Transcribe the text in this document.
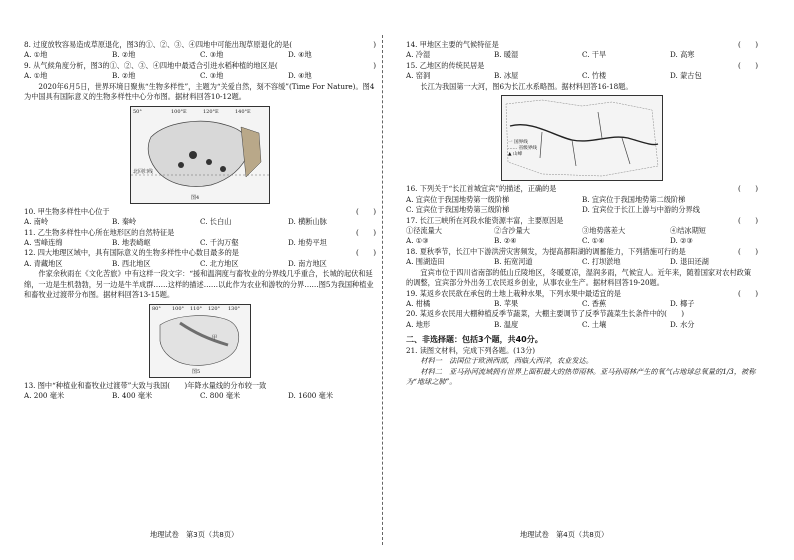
8. 过度放牧容易造成草原退化，图3的①、②、③、④四地中可能出现草原退化的是(	)
A. ①地	B. ②地	C. ③地	D. ④地
9. 从气候角度分析，图3的①、②、③、④四地中最适合引进水稻种植的地区是(	)
A. ①地	B. ②地	C. ③地	D. ④地
2020年6月5日，世界环境日聚焦“生物多样性”，主题为“关爱自然，刻不容缓”(Time For Nature)。图4为中国具有国际意义的生物多样性中心分布图。据材料回答10-12题。
50°	100°E	120°E	140°E
北回归线
图4
10. 甲生物多样性中心位于	(　　)
A. 南岭	B. 秦岭	C. 长白山	D. 横断山脉
11. 乙生物多样性中心所在地形区的自然特征是	(　　)
A. 雪峰连绵	B. 地表崎岖	C. 千沟万壑	D. 地势平坦
12. 四大地理区域中，具有国际意义的生物多样性中心数目最多的是	(　　)
A. 青藏地区	B. 西北地区	C. 北方地区	D. 南方地区
作家余秋雨在《文化苦旅》中有这样一段文字：“援和温润度与畜牧业的分界线几乎重合，长城的起伏和延绵，一边是生机勃勃，另一边是牛羊成群……这样的描述……以此作为农业和游牧的分界……图5为我国种植业和畜牧业过渡带分布图。据材料回答13-15题。
80° 100° 110° 120° 130°
甲
图5
13. 图中“种植业和畜牧业过渡带”大致与我国(　　)年降水量线的分布较一致
A. 200 毫米	B. 400 毫米	C. 800 毫米	D. 1600 毫米
地理试卷　第3页（共8页）
14. 甲地区主要的气候特征是	(　　)
A. 冷湿	B. 暖湿	C. 干旱	D. 高寒
15. 乙地区的传统民居是	(　　)
A. 窑洞	B. 冰屋	C. 竹楼	D. 蒙古包
长江为我国第一大河，图6为长江水系略图。据材料回答16-18题。
一 国界线
…… 省级界线
▲ 山峰
16. 下列关于“长江首城宜宾”的描述，正确的是	(　　)
A. 宜宾位于我国地势第一级阶梯	B. 宜宾位于我国地势第二级阶梯
C. 宜宾位于我国地势第三级阶梯	D. 宜宾位于长江上游与中游的分界线
17. 长江三峡所在河段水能资源丰富，主要原因是	(　　)
①径流量大	②含沙量大	③地势落差大	④结冰期短
A. ①③	B. ②④	C. ①④	D. ②③
18. 夏秋季节，长江中下游洪涝灾害频发，为提高都阳湖的调蓄能力，下列措施可行的是	(　　)
A. 围湖造田	B. 拓宽河道	C. 打坝淤地	D. 退田还湖
宜宾市位于四川省南部的低山丘陵地区，冬暖夏凉，湿润多雨，气候宜人。近年来，随着国家对农村政策的调整，宜宾部分外出务工农民返乡创业，从事农业生产。据材料回答19-20题。
19. 某返乡农民欲在承包的土地上栽种水果，下列水果中最适宜的是	(　　)
A. 柑橘	B. 苹果	C. 香蕉	D. 椰子
20. 某返乡农民用大棚种植反季节蔬菜，大棚主要调节了反季节蔬菜生长条件中的(　　)
A. 地形	B. 温度	C. 土壤	D. 水分
二、非选择题：包括3个题，共40分。
21. 读图文材料，完成下列各题。(13分)
材料一　法国位于欧洲西部，西临大西洋，农业发达。
材料二　亚马孙河流域拥有世界上面积最大的热带雨林。亚马孙雨林产生的氧气占地球总氧量的1/3，被称为“地球之肺”。
地理试卷　第4页（共8页）
